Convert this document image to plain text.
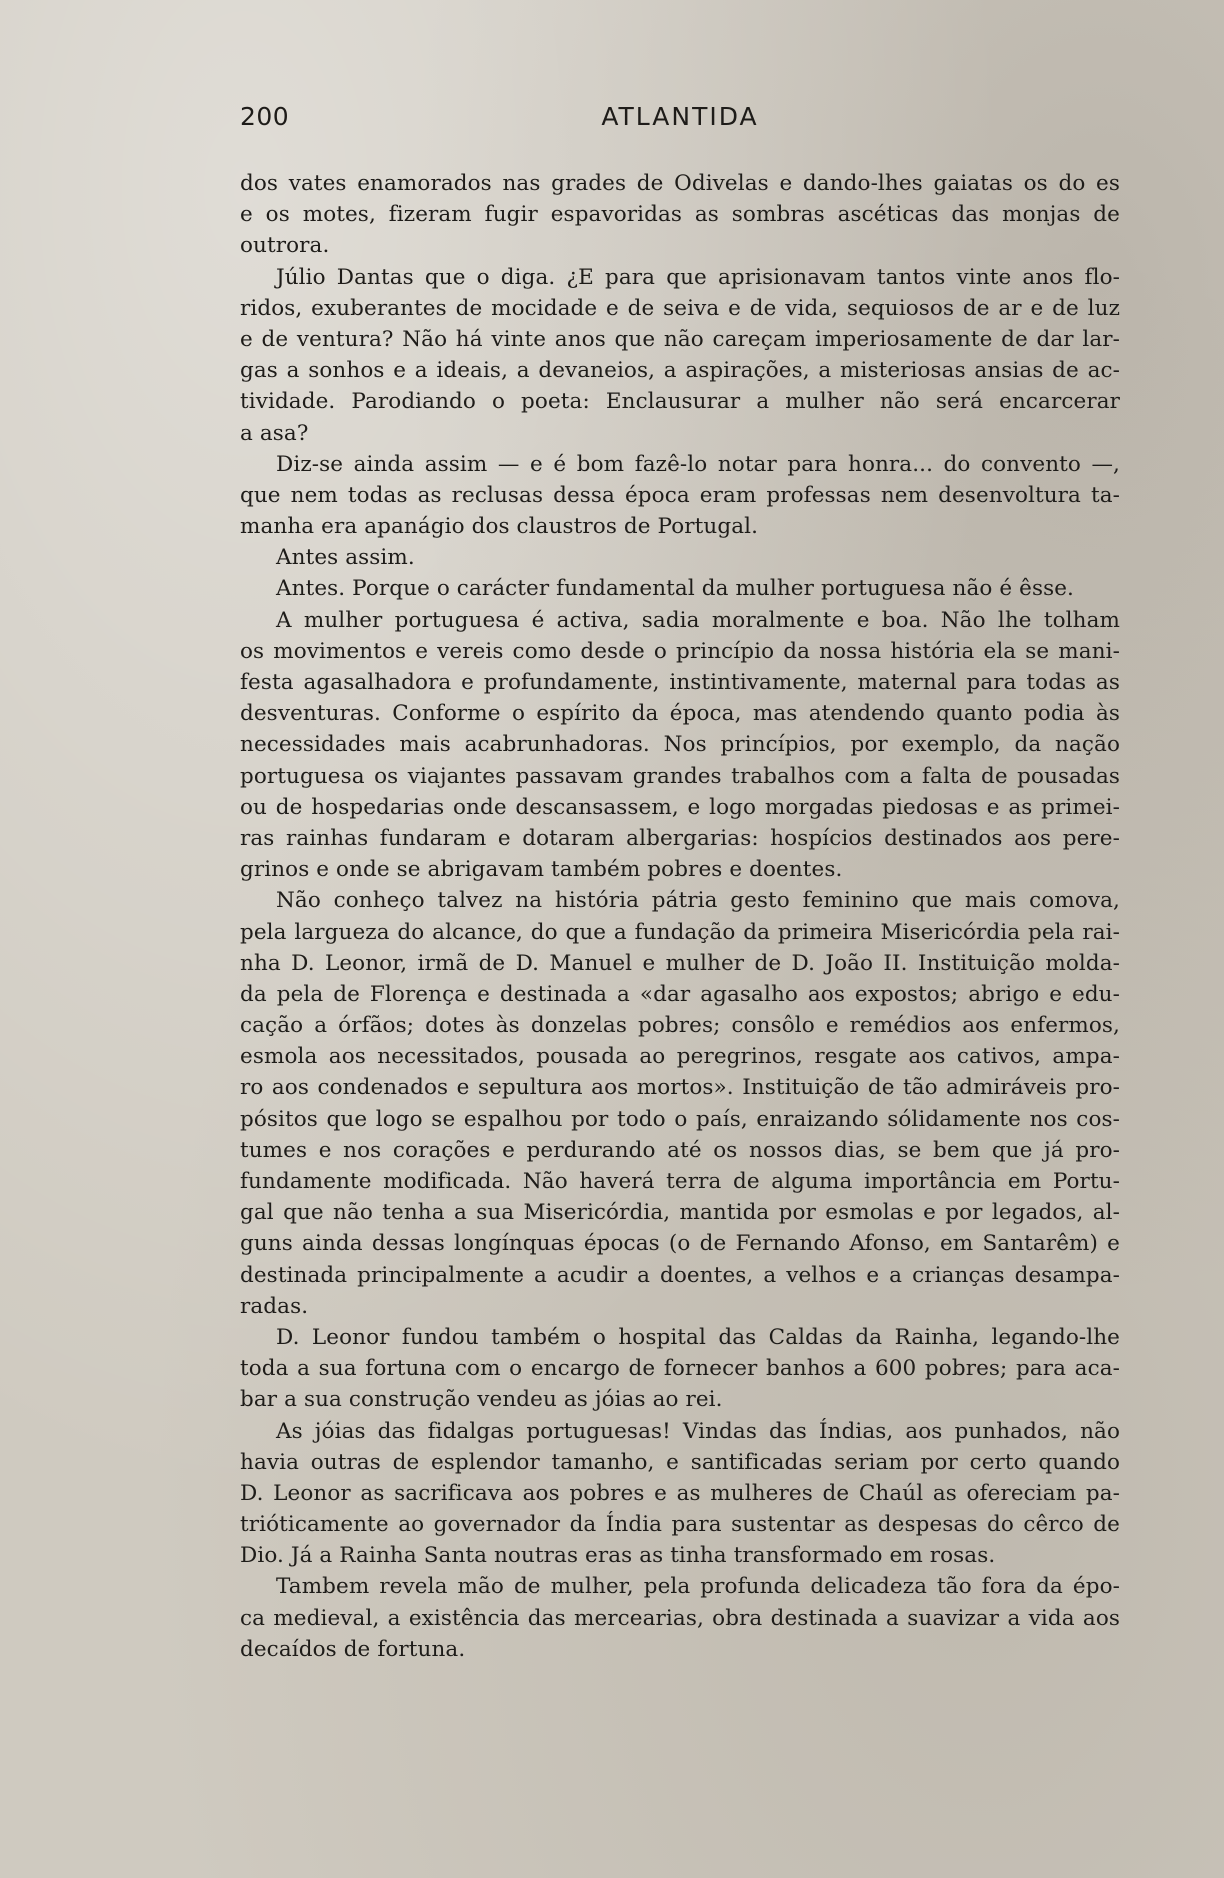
200	ATLANTIDA
dos vates enamorados nas grades de Odivelas e dando-lhes gaiatas os do es
e os motes, fizeram fugir espavoridas as sombras ascéticas das monjas de
outrora.
Júlio Dantas que o diga. ¿E para que aprisionavam tantos vinte anos flo-
ridos, exuberantes de mocidade e de seiva e de vida, sequiosos de ar e de luz
e de ventura? Não há vinte anos que não careçam imperiosamente de dar lar-
gas a sonhos e a ideais, a devaneios, a aspirações, a misteriosas ansias de ac-
tividade. Parodiando o poeta: Enclausurar a mulher não será encarcerar
a asa?
Diz-se ainda assim — e é bom fazê-lo notar para honra... do convento —,
que nem todas as reclusas dessa época eram professas nem desenvoltura ta-
manha era apanágio dos claustros de Portugal.
Antes assim.
Antes. Porque o carácter fundamental da mulher portuguesa não é êsse.
A mulher portuguesa é activa, sadia moralmente e boa. Não lhe tolham
os movimentos e vereis como desde o princípio da nossa história ela se mani-
festa agasalhadora e profundamente, instintivamente, maternal para todas as
desventuras. Conforme o espírito da época, mas atendendo quanto podia às
necessidades mais acabrunhadoras. Nos princípios, por exemplo, da nação
portuguesa os viajantes passavam grandes trabalhos com a falta de pousadas
ou de hospedarias onde descansassem, e logo morgadas piedosas e as primei-
ras rainhas fundaram e dotaram albergarias: hospícios destinados aos pere-
grinos e onde se abrigavam também pobres e doentes.
Não conheço talvez na história pátria gesto feminino que mais comova,
pela largueza do alcance, do que a fundação da primeira Misericórdia pela rai-
nha D. Leonor, irmã de D. Manuel e mulher de D. João II. Instituição molda-
da pela de Florença e destinada a «dar agasalho aos expostos; abrigo e edu-
cação a órfãos; dotes às donzelas pobres; consôlo e remédios aos enfermos,
esmola aos necessitados, pousada ao peregrinos, resgate aos cativos, ampa-
ro aos condenados e sepultura aos mortos». Instituição de tão admiráveis pro-
pósitos que logo se espalhou por todo o país, enraizando sólidamente nos cos-
tumes e nos corações e perdurando até os nossos dias, se bem que já pro-
fundamente modificada. Não haverá terra de alguma importância em Portu-
gal que não tenha a sua Misericórdia, mantida por esmolas e por legados, al-
guns ainda dessas longínquas épocas (o de Fernando Afonso, em Santarêm) e
destinada principalmente a acudir a doentes, a velhos e a crianças desampa-
radas.
D. Leonor fundou também o hospital das Caldas da Rainha, legando-lhe
toda a sua fortuna com o encargo de fornecer banhos a 600 pobres; para aca-
bar a sua construção vendeu as jóias ao rei.
As jóias das fidalgas portuguesas! Vindas das Índias, aos punhados, não
havia outras de esplendor tamanho, e santificadas seriam por certo quando
D. Leonor as sacrificava aos pobres e as mulheres de Chaúl as ofereciam pa-
trióticamente ao governador da Índia para sustentar as despesas do cêrco de
Dio. Já a Rainha Santa noutras eras as tinha transformado em rosas.
Tambem revela mão de mulher, pela profunda delicadeza tão fora da épo-
ca medieval, a existência das mercearias, obra destinada a suavizar a vida aos
decaídos de fortuna.
